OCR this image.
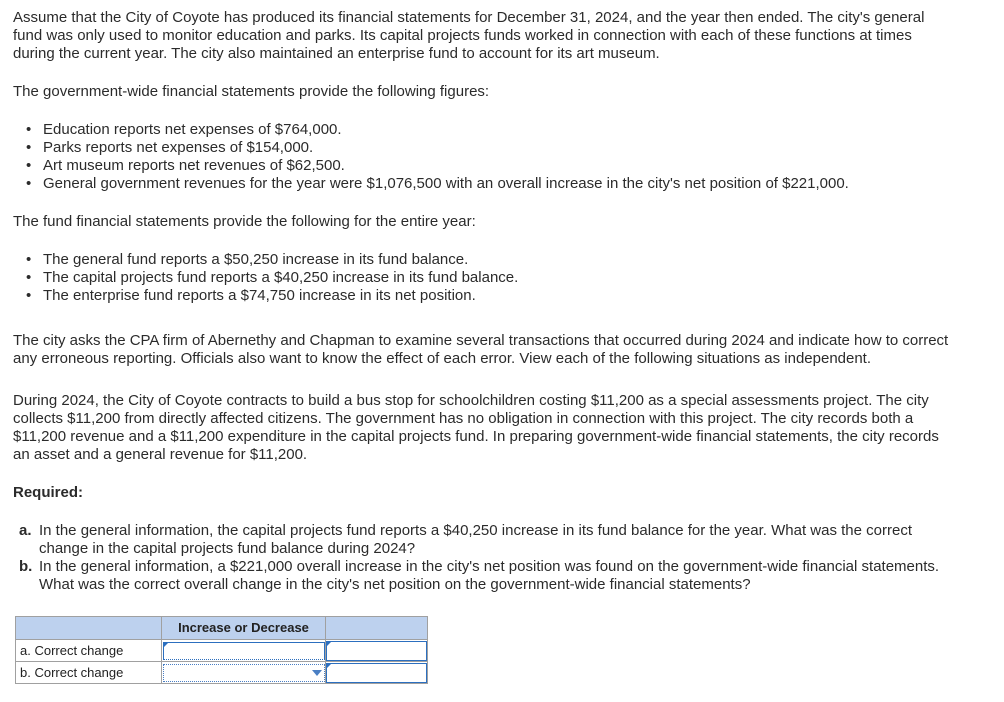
Assume that the City of Coyote has produced its financial statements for December 31, 2024, and the year then ended. The city's general fund was only used to monitor education and parks. Its capital projects funds worked in connection with each of these functions at times during the current year. The city also maintained an enterprise fund to account for its art museum.

The government-wide financial statements provide the following figures:

• Education reports net expenses of $764,000.
• Parks reports net expenses of $154,000.
• Art museum reports net revenues of $62,500.
• General government revenues for the year were $1,076,500 with an overall increase in the city's net position of $221,000.

The fund financial statements provide the following for the entire year:

• The general fund reports a $50,250 increase in its fund balance.
• The capital projects fund reports a $40,250 increase in its fund balance.
• The enterprise fund reports a $74,750 increase in its net position.

The city asks the CPA firm of Abernethy and Chapman to examine several transactions that occurred during 2024 and indicate how to correct any erroneous reporting. Officials also want to know the effect of each error. View each of the following situations as independent.

During 2024, the City of Coyote contracts to build a bus stop for schoolchildren costing $11,200 as a special assessments project. The city collects $11,200 from directly affected citizens. The government has no obligation in connection with this project. The city records both a $11,200 revenue and a $11,200 expenditure in the capital projects fund. In preparing government-wide financial statements, the city records an asset and a general revenue for $11,200.

Required:

a. In the general information, the capital projects fund reports a $40,250 increase in its fund balance for the year. What was the correct change in the capital projects fund balance during 2024?
b. In the general information, a $221,000 overall increase in the city's net position was found on the government-wide financial statements. What was the correct overall change in the city's net position on the government-wide financial statements?
	Increase or Decrease	
a. Correct change	

b. Correct change	
